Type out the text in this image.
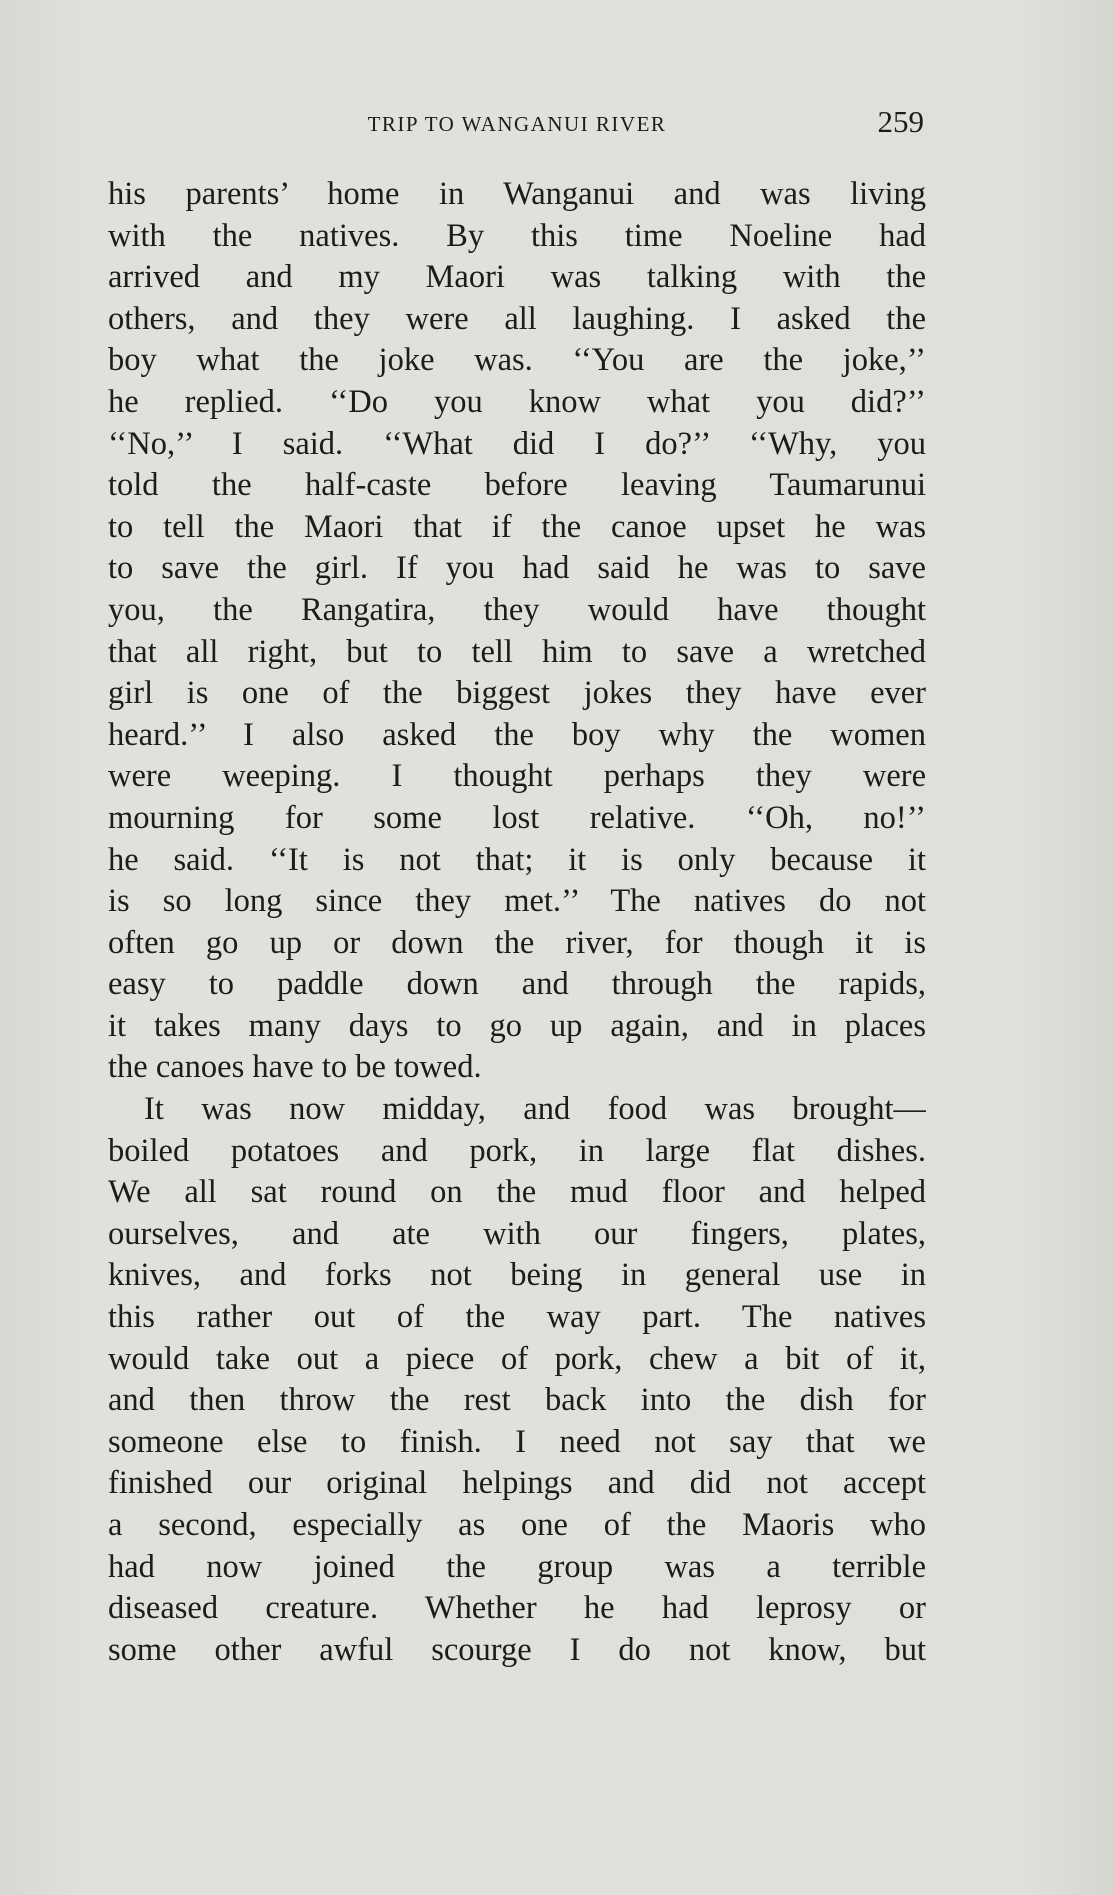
TRIP TO WANGANUI RIVER	259
his parents’ home in Wanganui and was living
with the natives. By this time Noeline had
arrived and my Maori was talking with the
others, and they were all laughing. I asked the
boy what the joke was. ‘‘You are the joke,’’
he replied. ‘‘Do you know what you did?’’
‘‘No,’’ I said. ‘‘What did I do?’’ ‘‘Why, you
told the half-caste before leaving Taumarunui
to tell the Maori that if the canoe upset he was
to save the girl. If you had said he was to save
you, the Rangatira, they would have thought
that all right, but to tell him to save a wretched
girl is one of the biggest jokes they have ever
heard.’’ I also asked the boy why the women
were weeping. I thought perhaps they were
mourning for some lost relative. ‘‘Oh, no!’’
he said. ‘‘It is not that; it is only because it
is so long since they met.’’ The natives do not
often go up or down the river, for though it is
easy to paddle down and through the rapids,
it takes many days to go up again, and in places
the canoes have to be towed.
It was now midday, and food was brought—
boiled potatoes and pork, in large flat dishes.
We all sat round on the mud floor and helped
ourselves, and ate with our fingers, plates,
knives, and forks not being in general use in
this rather out of the way part. The natives
would take out a piece of pork, chew a bit of it,
and then throw the rest back into the dish for
someone else to finish. I need not say that we
finished our original helpings and did not accept
a second, especially as one of the Maoris who
had now joined the group was a terrible
diseased creature. Whether he had leprosy or
some other awful scourge I do not know, but
